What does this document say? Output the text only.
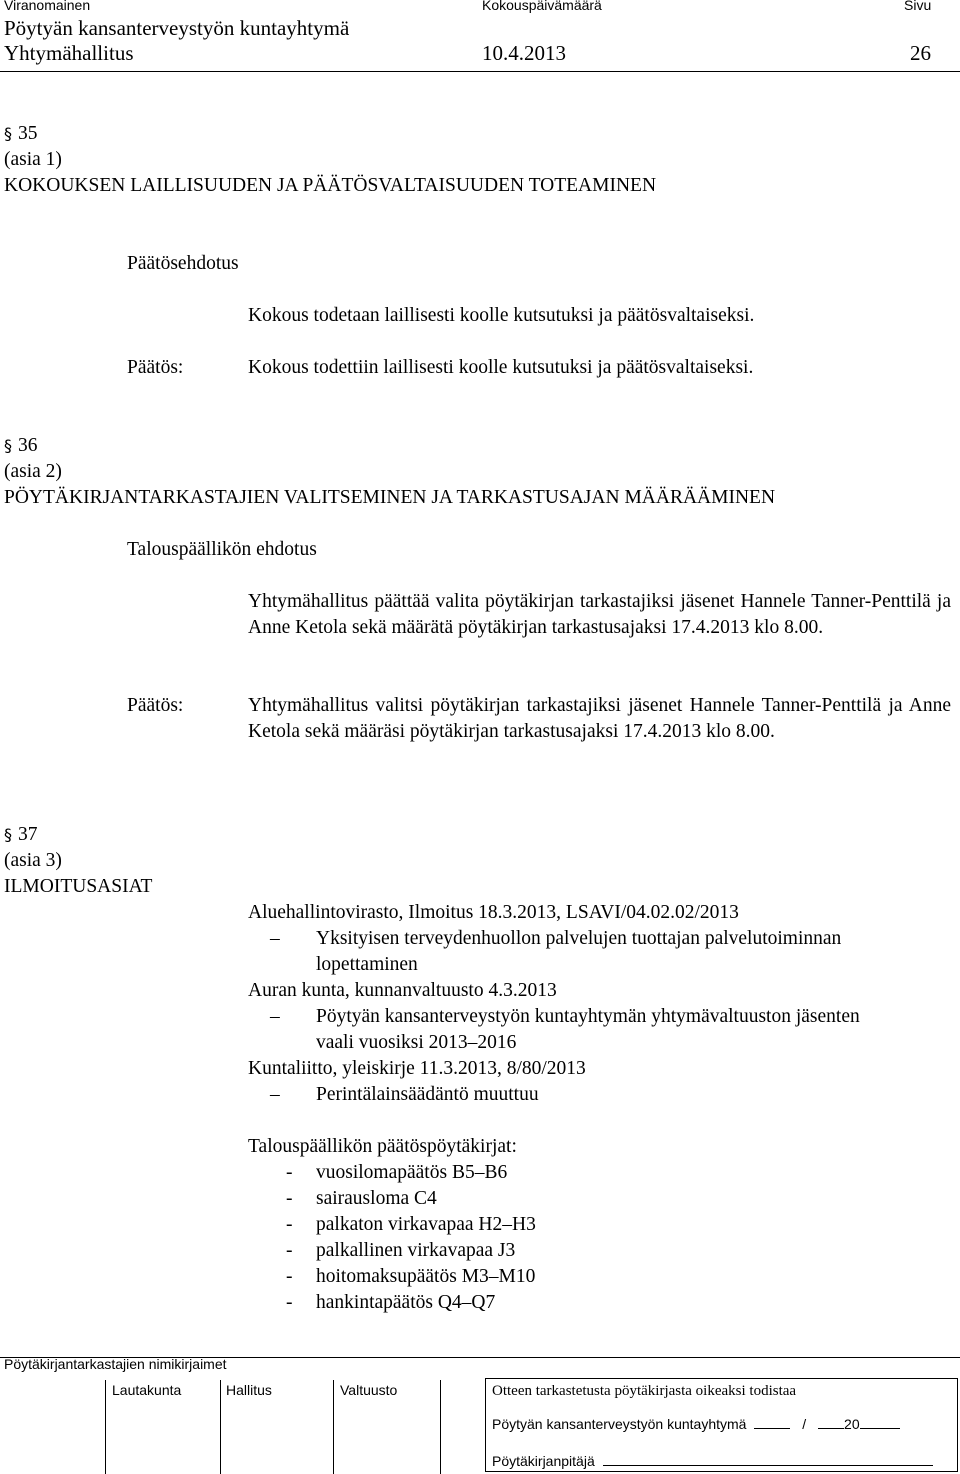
Viranomainen	Kokouspäivämäärä	Sivu
Pöytyän kansanterveystyön kuntayhtymä
Yhtymähallitus	10.4.2013	26
§ 35
(asia 1)
KOKOUKSEN LAILLISUUDEN JA PÄÄTÖSVALTAISUUDEN TOTEAMINEN
Päätösehdotus
Kokous todetaan laillisesti koolle kutsutuksi ja päätösvaltaiseksi.
Päätös:	Kokous todettiin laillisesti koolle kutsutuksi ja päätösvaltaiseksi.
§ 36
(asia 2)
PÖYTÄKIRJANTARKASTAJIEN VALITSEMINEN JA TARKASTUSAJAN MÄÄRÄÄMINEN
Talouspäällikön ehdotus
Yhtymähallitus päättää valita pöytäkirjan tarkastajiksi jäsenet Hannele Tanner-Penttilä ja Anne Ketola sekä määrätä pöytäkirjan tarkastusajaksi 17.4.2013 klo 8.00.
Päätös:	Yhtymähallitus valitsi pöytäkirjan tarkastajiksi jäsenet Hannele Tanner-Penttilä ja Anne Ketola sekä määräsi pöytäkirjan tarkastusajaksi 17.4.2013 klo 8.00.
§ 37
(asia 3)
ILMOITUSASIAT
Aluehallintovirasto, Ilmoitus 18.3.2013, LSAVI/04.02.02/2013
– Yksityisen terveydenhuollon palvelujen tuottajan palvelutoiminnan
lopettaminen
Auran kunta, kunnanvaltuusto 4.3.2013
– Pöytyän kansanterveystyön kuntayhtymän yhtymävaltuuston jäsenten
vaali vuosiksi 2013–2016
Kuntaliitto, yleiskirje 11.3.2013, 8/80/2013
– Perintälainsäädäntö muuttuu
Talouspäällikön päätöspöytäkirjat:
- vuosilomapäätös B5–B6
- sairausloma C4
- palkaton virkavapaa H2–H3
- palkallinen virkavapaa J3
- hoitomaksupäätös M3–M10
- hankintapäätös Q4–Q7
Pöytäkirjantarkastajien nimikirjaimet
Lautakunta	Hallitus	Valtuusto	Otteen tarkastetusta pöytäkirjasta oikeaksi todistaa
Pöytyän kansanterveystyön kuntayhtymä	/	20
Pöytäkirjanpitäjä
